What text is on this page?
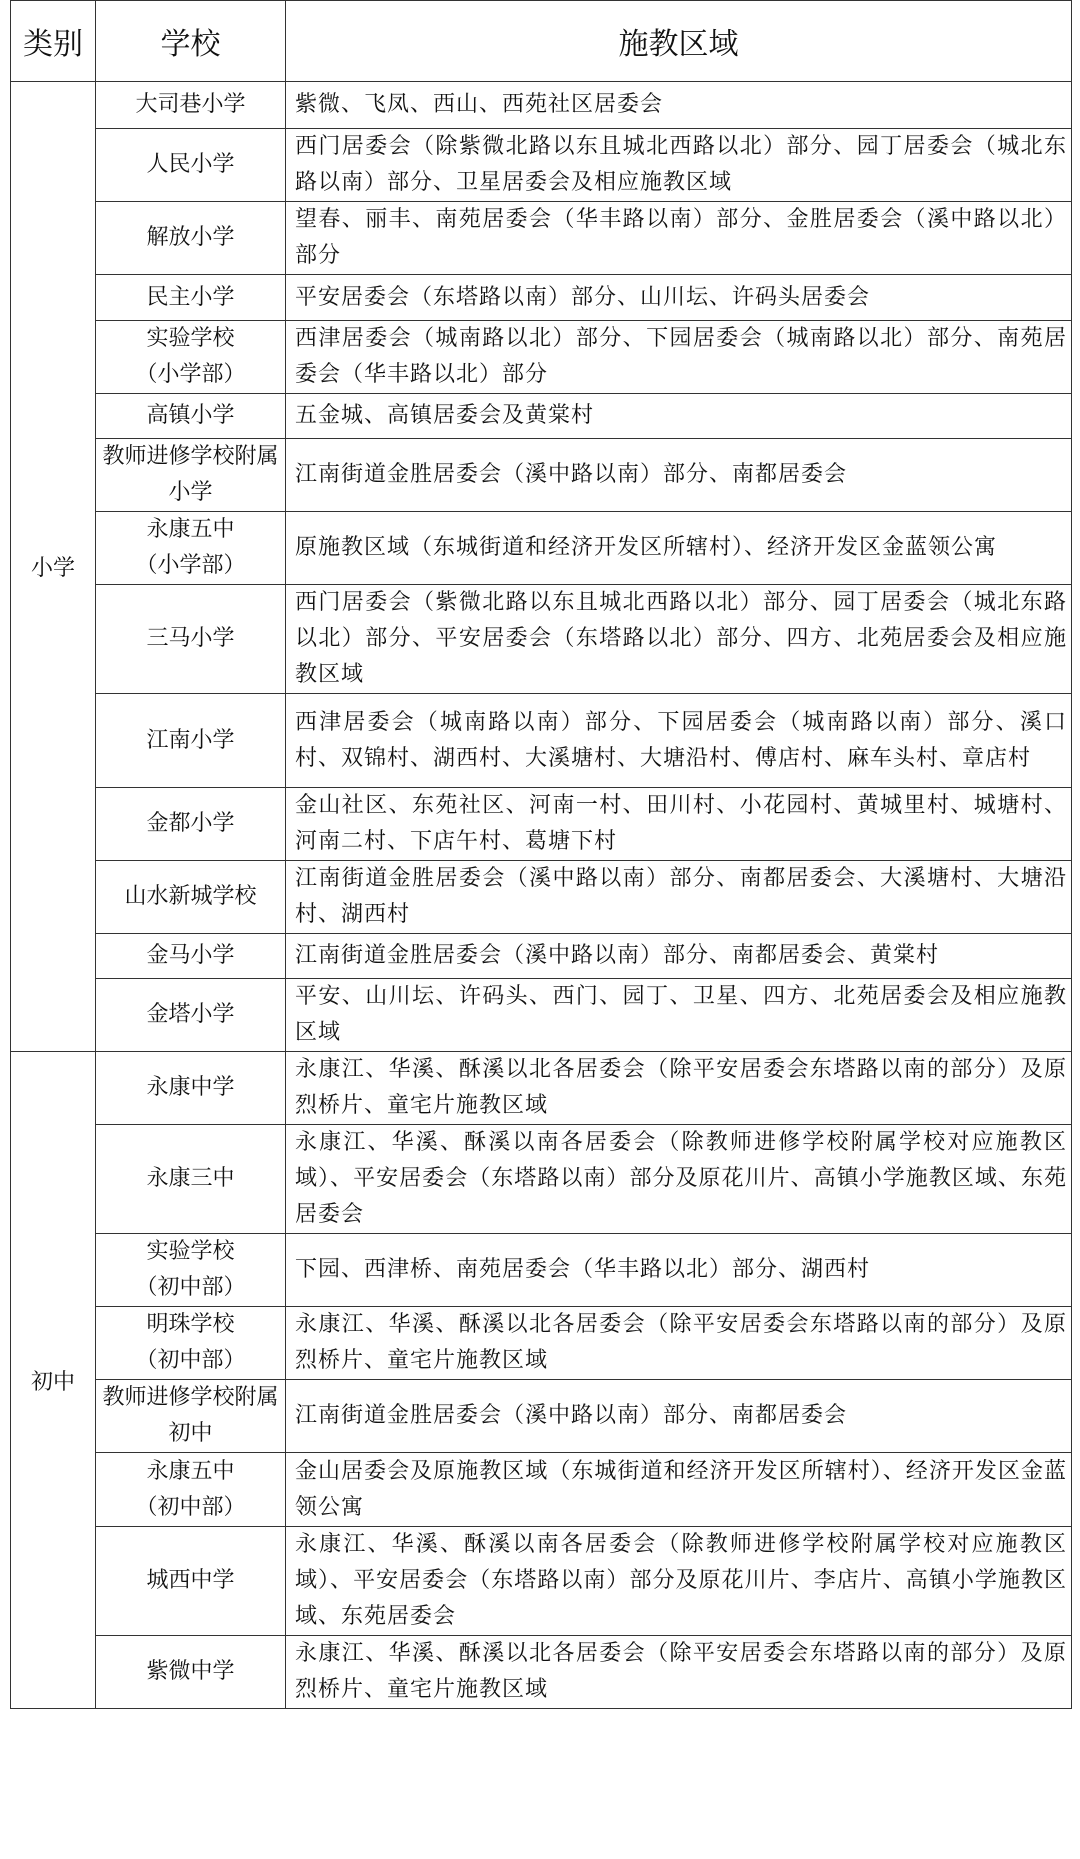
类别	学校	施教区域
小学	大司巷小学	紫微、飞凤、西山、西苑社区居委会

	人民小学	西门居委会（除紫微北路以东且城北西路以北）部分、园丁居委会（城北东路以南）部分、卫星居委会及相应施教区域

	解放小学	望春、丽丰、南苑居委会（华丰路以南）部分、金胜居委会（溪中路以北）部分

	民主小学	平安居委会（东塔路以南）部分、山川坛、许码头居委会

	实验学校
（小学部）	西津居委会（城南路以北）部分、下园居委会（城南路以北）部分、南苑居委会（华丰路以北）部分

	高镇小学	五金城、高镇居委会及黄棠村

	教师进修学校附属
小学	江南街道金胜居委会（溪中路以南）部分、南都居委会

	永康五中
（小学部）	原施教区域（东城街道和经济开发区所辖村）、经济开发区金蓝领公寓

	三马小学	西门居委会（紫微北路以东且城北西路以北）部分、园丁居委会（城北东路以北）部分、平安居委会（东塔路以北）部分、四方、北苑居委会及相应施教区域

	江南小学	西津居委会（城南路以南）部分、下园居委会（城南路以南）部分、溪口村、双锦村、湖西村、大溪塘村、大塘沿村、傅店村、麻车头村、章店村

	金都小学	金山社区、东苑社区、河南一村、田川村、小花园村、黄城里村、城塘村、河南二村、下店午村、葛塘下村

	山水新城学校	江南街道金胜居委会（溪中路以南）部分、南都居委会、大溪塘村、大塘沿村、湖西村

	金马小学	江南街道金胜居委会（溪中路以南）部分、南都居委会、黄棠村

	金塔小学	平安、山川坛、许码头、西门、园丁、卫星、四方、北苑居委会及相应施教区域
初中	永康中学	永康江、华溪、酥溪以北各居委会（除平安居委会东塔路以南的部分）及原烈桥片、童宅片施教区域

	永康三中	永康江、华溪、酥溪以南各居委会（除教师进修学校附属学校对应施教区域）、平安居委会（东塔路以南）部分及原花川片、高镇小学施教区域、东苑居委会

	实验学校
（初中部）	下园、西津桥、南苑居委会（华丰路以北）部分、湖西村

	明珠学校
（初中部）	永康江、华溪、酥溪以北各居委会（除平安居委会东塔路以南的部分）及原烈桥片、童宅片施教区域

	教师进修学校附属
初中	江南街道金胜居委会（溪中路以南）部分、南都居委会

	永康五中
（初中部）	金山居委会及原施教区域（东城街道和经济开发区所辖村）、经济开发区金蓝领公寓

	城西中学	永康江、华溪、酥溪以南各居委会（除教师进修学校附属学校对应施教区域）、平安居委会（东塔路以南）部分及原花川片、李店片、高镇小学施教区域、东苑居委会

	紫微中学	永康江、华溪、酥溪以北各居委会（除平安居委会东塔路以南的部分）及原烈桥片、童宅片施教区域
